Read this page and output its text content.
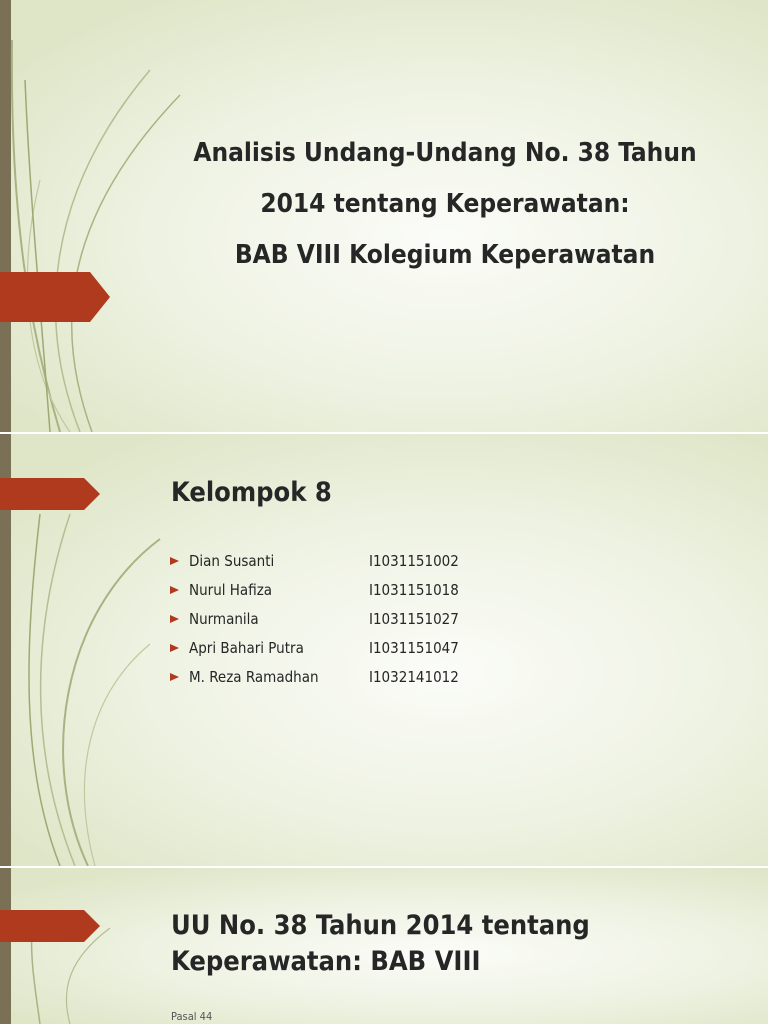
Analisis Undang-Undang No. 38 Tahun
2014 tentang Keperawatan:
BAB VIII Kolegium Keperawatan
Kelompok 8
Dian Susanti	I1031151002
Nurul Hafiza	I1031151018
Nurmanila	I1031151027
Apri Bahari Putra	I1031151047
M. Reza Ramadhan	I1032141012
UU No. 38 Tahun 2014 tentang
Keperawatan: BAB VIII
Pasal 44
